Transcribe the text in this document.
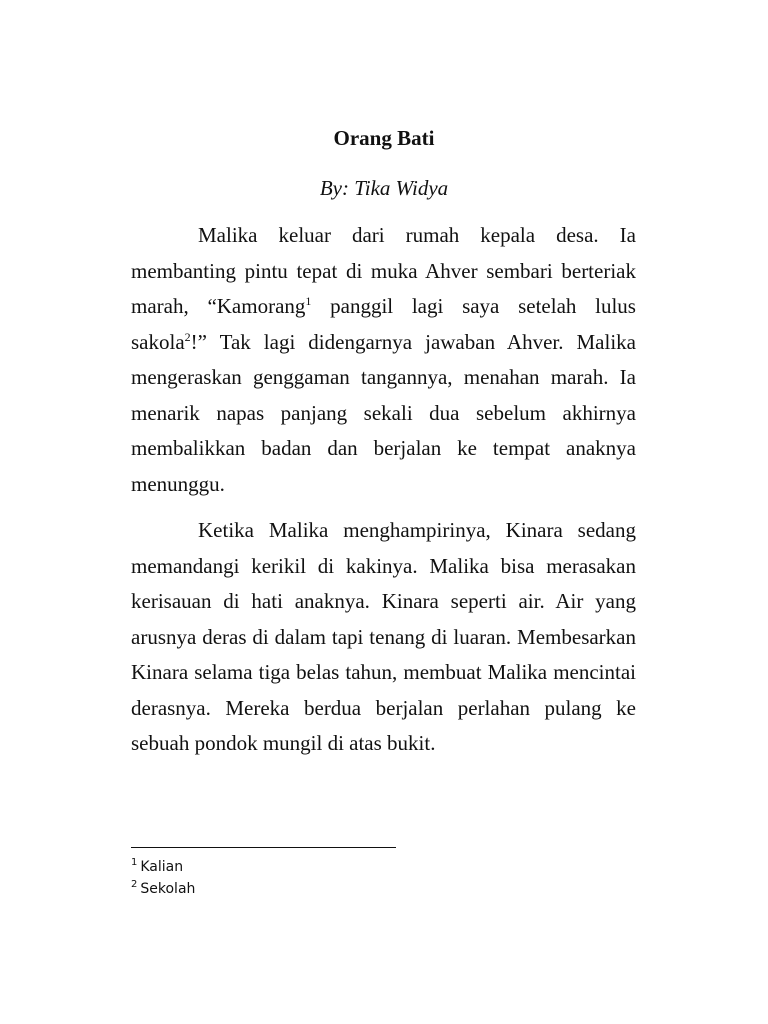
Orang Bati

By: Tika Widya

Malika keluar dari rumah kepala desa. Ia membanting pintu tepat di muka Ahver sembari berteriak marah, “Kamorang$^1$ panggil lagi saya setelah lulus sakola$^2$!” Tak lagi didengarnya jawaban Ahver. Malika mengeraskan genggaman tangannya, menahan marah. Ia menarik napas panjang sekali dua sebelum akhirnya membalikkan badan dan berjalan ke tempat anaknya menunggu.

Ketika Malika menghampirinya, Kinara sedang memandangi kerikil di kakinya. Malika bisa merasakan kerisauan di hati anaknya. Kinara seperti air. Air yang arusnya deras di dalam tapi tenang di luaran. Membesarkan Kinara selama tiga belas tahun, membuat Malika mencintai derasnya. Mereka berdua berjalan perlahan pulang ke sebuah pondok mungil di atas bukit.

$^1$ Kalian

$^2$ Sekolah
